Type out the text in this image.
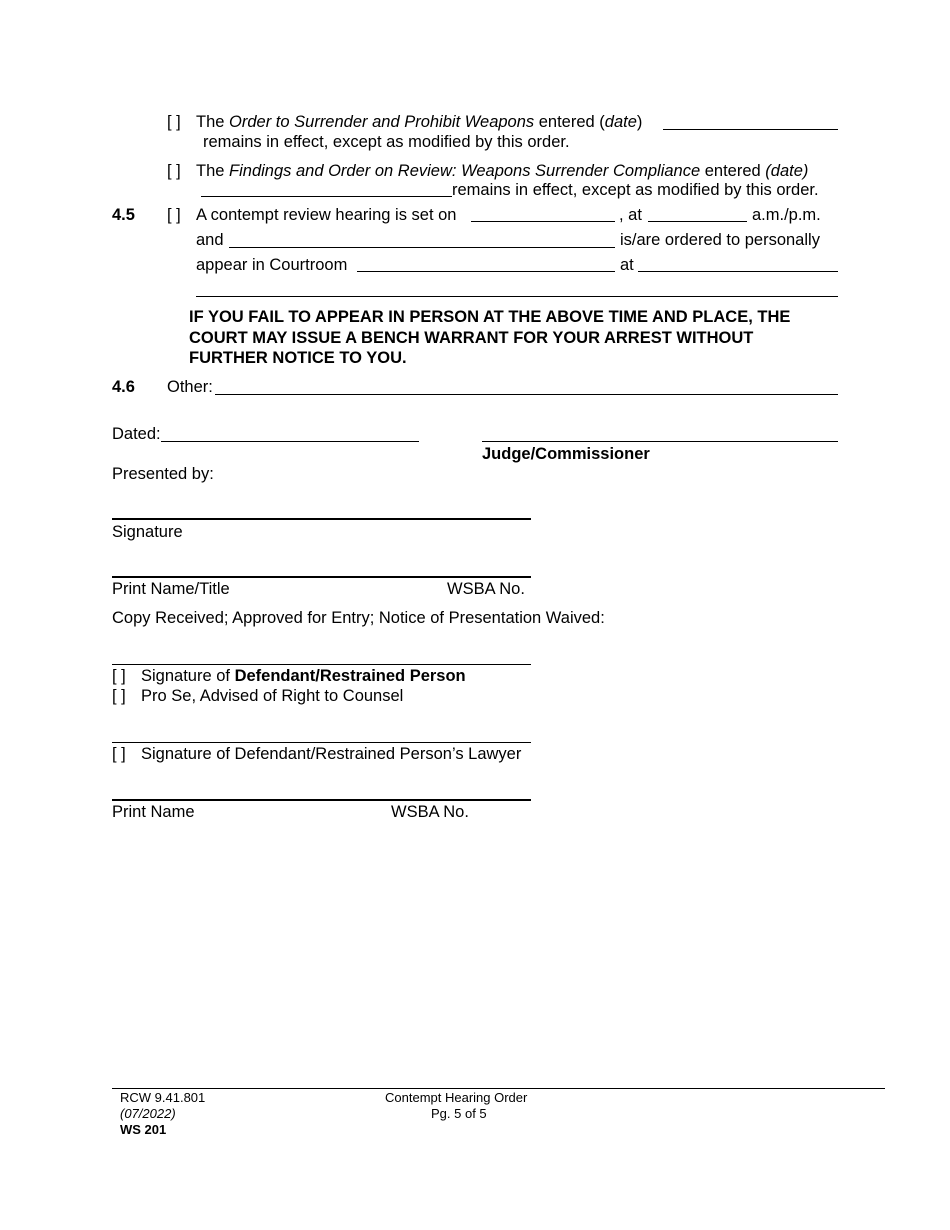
[ ] The Order to Surrender and Prohibit Weapons entered (date)
remains in effect, except as modified by this order.
[ ] The Findings and Order on Review: Weapons Surrender Compliance entered (date)
remains in effect, except as modified by this order.
4.5 [ ] A contempt review hearing is set on	, at	a.m./p.m.
and	is/are ordered to personally
appear in Courtroom	at
IF YOU FAIL TO APPEAR IN PERSON AT THE ABOVE TIME AND PLACE, THE COURT MAY ISSUE A BENCH WARRANT FOR YOUR ARREST WITHOUT FURTHER NOTICE TO YOU.
4.6 Other:
Dated:
Judge/Commissioner
Presented by:
Signature
Print Name/Title	WSBA No.
Copy Received; Approved for Entry; Notice of Presentation Waived:
[ ] Signature of Defendant/Restrained Person
[ ] Pro Se, Advised of Right to Counsel
[ ] Signature of Defendant/Restrained Person’s Lawyer
Print Name	WSBA No.
RCW 9.41.801
(07/2022)
WS 201
Contempt Hearing Order
Pg. 5 of 5
